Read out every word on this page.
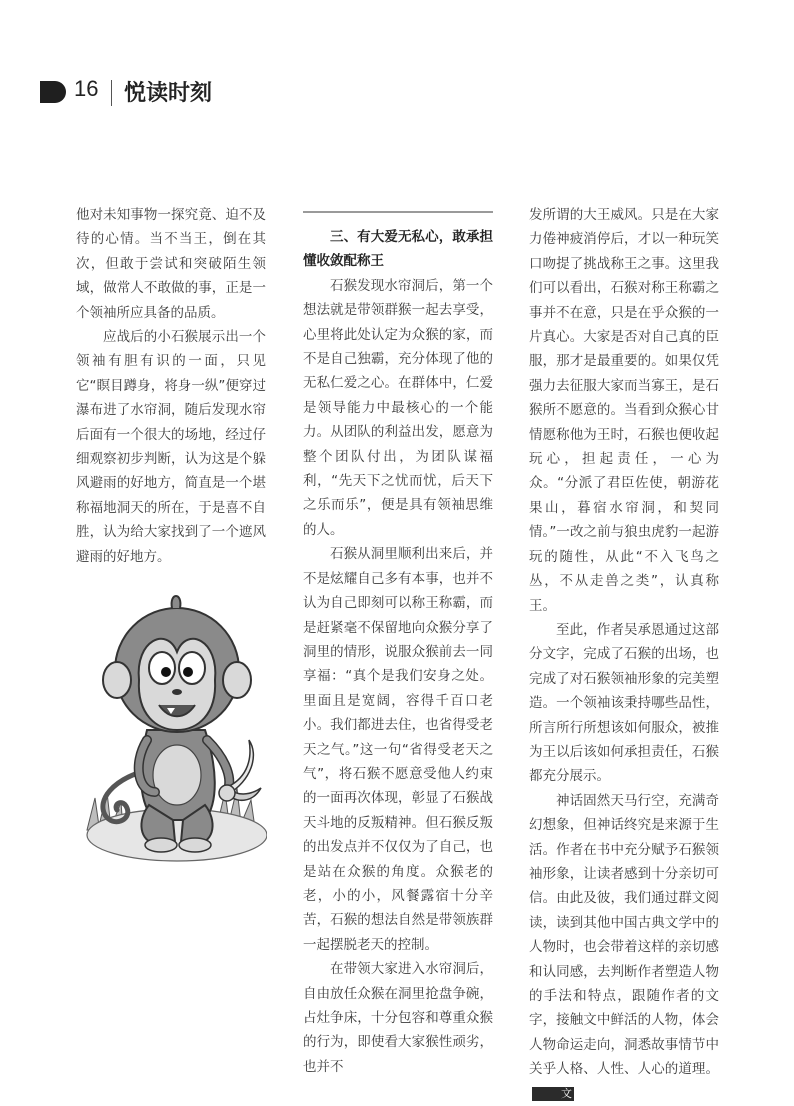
16 悦读时刻

他对未知事物一探究竟、迫不及待的心情。当不当王，倒在其次，但敢于尝试和突破陌生领域，做常人不敢做的事，正是一个领袖所应具备的品质。

应战后的小石猴展示出一个领袖有胆有识的一面，只见它“瞑目蹲身，将身一纵”便穿过瀑布进了水帘洞，随后发现水帘后面有一个很大的场地，经过仔细观察初步判断，认为这是个躲风避雨的好地方，简直是一个堪称福地洞天的所在，于是喜不自胜，认为给大家找到了一个遮风避雨的好地方。

三、有大爱无私心，敢承担懂收敛配称王

石猴发现水帘洞后，第一个想法就是带领群猴一起去享受，心里将此处认定为众猴的家，而不是自己独霸，充分体现了他的无私仁爱之心。在群体中，仁爱是领导能力中最核心的一个能力。从团队的利益出发，愿意为整个团队付出，为团队谋福利，“先天下之忧而忧，后天下之乐而乐”，便是具有领袖思维的人。

石猴从洞里顺利出来后，并不是炫耀自己多有本事，也并不认为自己即刻可以称王称霸，而是赶紧毫不保留地向众猴分享了洞里的情形，说服众猴前去一同享福：“真个是我们安身之处。里面且是宽阔，容得千百口老小。我们都进去住，也省得受老天之气。”这一句“省得受老天之气”，将石猴不愿意受他人约束的一面再次体现，彰显了石猴战天斗地的反叛精神。但石猴反叛的出发点并不仅仅为了自己，也是站在众猴的角度。众猴老的老，小的小，风餐露宿十分辛苦，石猴的想法自然是带领族群一起摆脱老天的控制。

在带领大家进入水帘洞后，自由放任众猴在洞里抢盘争碗，占灶争床，十分包容和尊重众猴的行为，即使看大家猴性顽劣，也并不

发所谓的大王威风。只是在大家力倦神疲消停后，才以一种玩笑口吻提了挑战称王之事。这里我们可以看出，石猴对称王称霸之事并不在意，只是在乎众猴的一片真心。大家是否对自己真的臣服，那才是最重要的。如果仅凭强力去征服大家而当寡王，是石猴所不愿意的。当看到众猴心甘情愿称他为王时，石猴也便收起玩心，担起责任，一心为众。“分派了君臣佐使，朝游花果山，暮宿水帘洞，和契同情。”一改之前与狼虫虎豹一起游玩的随性，从此“不入飞鸟之丛，不从走兽之类”，认真称王。

至此，作者吴承恩通过这部分文字，完成了石猴的出场，也完成了对石猴领袖形象的完美塑造。一个领袖该秉持哪些品性，所言所行所想该如何服众，被推为王以后该如何承担责任，石猴都充分展示。

神话固然天马行空，充满奇幻想象，但神话终究是来源于生活。作者在书中充分赋予石猴领袖形象，让读者感到十分亲切可信。由此及彼，我们通过群文阅读，读到其他中国古典文学中的人物时，也会带着这样的亲切感和认同感，去判断作者塑造人物的手法和特点，跟随作者的文字，接触文中鲜活的人物，体会人物命运走向，洞悉故事情节中关乎人格、人性、人心的道理。文
